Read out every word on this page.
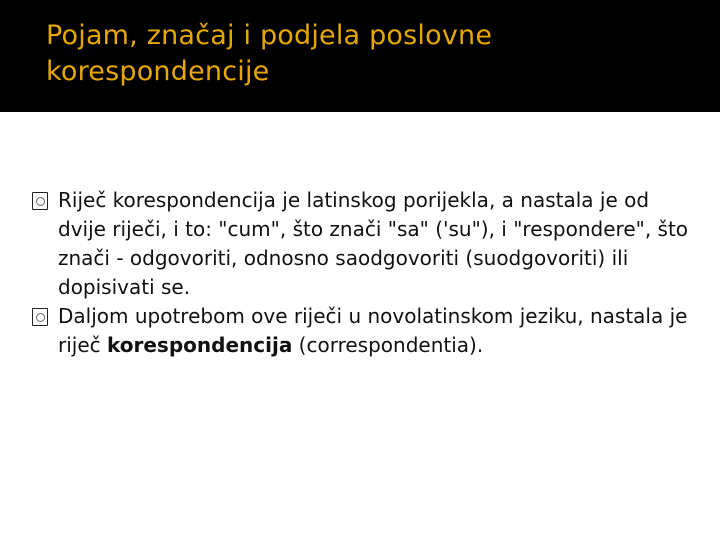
Pojam, značaj i podjela poslovne korespondencije

Riječ korespondencija je latinskog porijekla, a nastala je od dvije riječi, i to: "cum", što znači "sa" ('su"), i "respondere", što znači - odgovoriti, odnosno saodgovoriti (suodgovoriti) ili dopisivati se.

Daljom upotrebom ove riječi u novolatinskom jeziku, nastala je riječ korespondencija (correspondentia).
